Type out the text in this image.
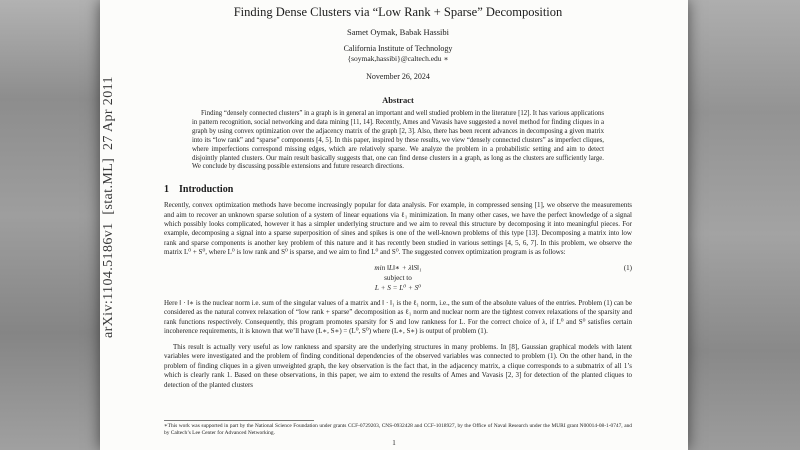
Finding Dense Clusters via “Low Rank + Sparse” Decomposition
Samet Oymak, Babak Hassibi
California Institute of Technology
{soymak,hassibi}@caltech.edu ∗
November 26, 2024
Abstract
Finding “densely connected clusters” in a graph is in general an important and well studied problem in the literature [12]. It has various applications in pattern recognition, social networking and data mining [11, 14]. Recently, Ames and Vavasis have suggested a novel method for finding cliques in a graph by using convex optimization over the adjacency matrix of the graph [2, 3]. Also, there has been recent advances in decomposing a given matrix into its “low rank” and “sparse” components [4, 5]. In this paper, inspired by these results, we view “densely connected clusters” as imperfect cliques, where imperfections correspond missing edges, which are relatively sparse. We analyze the problem in a probabilistic setting and aim to detect disjointly planted clusters. Our main result basically suggests that, one can find dense clusters in a graph, as long as the clusters are sufficiently large. We conclude by discussing possible extensions and future research directions.
1 Introduction
Recently, convex optimization methods have become increasingly popular for data analysis. For example, in compressed sensing [1], we observe the measurements and aim to recover an unknown sparse solution of a system of linear equations via ℓ₁ minimization. In many other cases, we have the perfect knowledge of a signal which possibly looks complicated, however it has a simpler underlying structure and we aim to reveal this structure by decomposing it into meaningful pieces. For example, decomposing a signal into a sparse superposition of sines and spikes is one of the well-known problems of this type [13]. Decomposing a matrix into low rank and sparse components is another key problem of this nature and it has recently been studied in various settings [4, 5, 6, 7]. In this problem, we observe the matrix L⁰ + S⁰, where L⁰ is low rank and S⁰ is sparse, and we aim to find L⁰ and S⁰. The suggested convex optimization program is as follows:
min ‖L‖∗ + λ‖S‖₁	(1)
subject to
L + S = L⁰ + S⁰
Here ‖ · ‖∗ is the nuclear norm i.e. sum of the singular values of a matrix and ‖ · ‖₁ is the ℓ₁ norm, i.e., the sum of the absolute values of the entries. Problem (1) can be considered as the natural convex relaxation of “low rank + sparse” decomposition as ℓ₁ norm and nuclear norm are the tightest convex relaxations of the sparsity and rank functions respectively. Consequently, this program promotes sparsity for S and low rankness for L. For the correct choice of λ, if L⁰ and S⁰ satisfies certain incoherence requirements, it is known that we’ll have (L∗, S∗) = (L⁰, S⁰) where (L∗, S∗) is output of problem (1).
This result is actually very useful as low rankness and sparsity are the underlying structures in many problems. In [8], Gaussian graphical models with latent variables were investigated and the problem of finding conditional dependencies of the observed variables was connected to problem (1). On the other hand, in the problem of finding cliques in a given unweighted graph, the key observation is the fact that, in the adjacency matrix, a clique corresponds to a submatrix of all 1’s which is clearly rank 1. Based on these observations, in this paper, we aim to extend the results of Ames and Vavasis [2, 3] for detection of the planted cliques to detection of the planted clusters
∗This work was supported in part by the National Science Foundation under grants CCF-0729203, CNS-0932428 and CCF-1018927, by the Office of Naval Research under the MURI grant N00014-08-1-0747, and by Caltech’s Lee Center for Advanced Networking.
1
arXiv:1104.5186v1  [stat.ML]  27 Apr 2011
